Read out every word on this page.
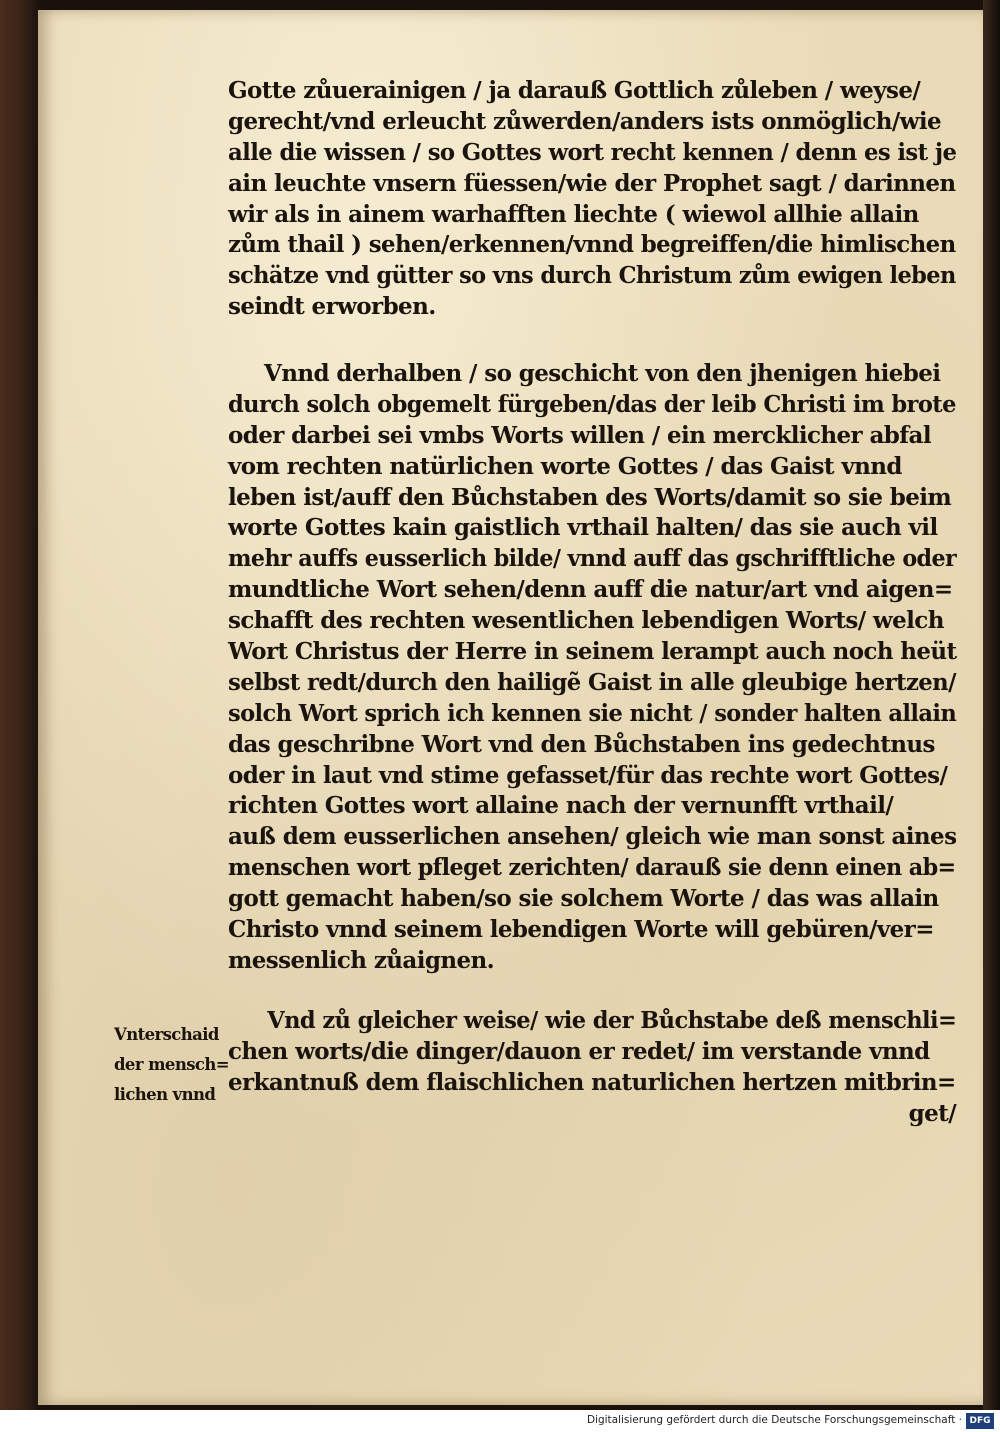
Gotte zůuerainigen / ja darauß Gottlich zůleben / weyse/
gerecht/vnd erleucht zůwerden/anders ists onmöglich/wie
alle die wissen / so Gottes wort recht kennen / denn es ist je
ain leuchte vnsern füessen/wie der Prophet sagt / darinnen
wir als in ainem warhafften liechte ( wiewol allhie allain
zům thail ) sehen/erkennen/vnnd begreiffen/die himlischen
schätze vnd gütter so vns durch Christum zům ewigen leben
seindt erworben.
Vnnd derhalben / so geschicht von den jhenigen hiebei
durch solch obgemelt fürgeben/das der leib Christi im brote
oder darbei sei vmbs Worts willen / ein mercklicher abfal
vom rechten natürlichen worte Gottes / das Gaist vnnd
leben ist/auff den Bůchstaben des Worts/damit so sie beim
worte Gottes kain gaistlich vrthail halten/ das sie auch vil
mehr auffs eusserlich bilde/ vnnd auff das gschrifftliche oder
mundtliche Wort sehen/denn auff die natur/art vnd aigen=
schafft des rechten wesentlichen lebendigen Worts/ welch
Wort Christus der Herre in seinem lerampt auch noch heüt
selbst redt/durch den hailigẽ Gaist in alle gleubige hertzen/
solch Wort sprich ich kennen sie nicht / sonder halten allain
das geschribne Wort vnd den Bůchstaben ins gedechtnus
oder in laut vnd stime gefasset/für das rechte wort Gottes/
richten Gottes wort allaine nach der vernunfft vrthail/
auß dem eusserlichen ansehen/ gleich wie man sonst aines
menschen wort pfleget zerichten/ darauß sie denn einen ab=
gott gemacht haben/so sie solchem Worte / das was allain
Christo vnnd seinem lebendigen Worte will gebüren/ver=
messenlich zůaignen.
Vnterschaid
der mensch=
lichen vnnd
Vnd zů gleicher weise/ wie der Bůchstabe deß menschli=
chen worts/die dinger/dauon er redet/ im verstande vnnd
erkantnuß dem flaischlichen naturlichen hertzen mitbrin=
get/
Digitalisierung gefördert durch die Deutsche Forschungsgemeinschaft · DFG
